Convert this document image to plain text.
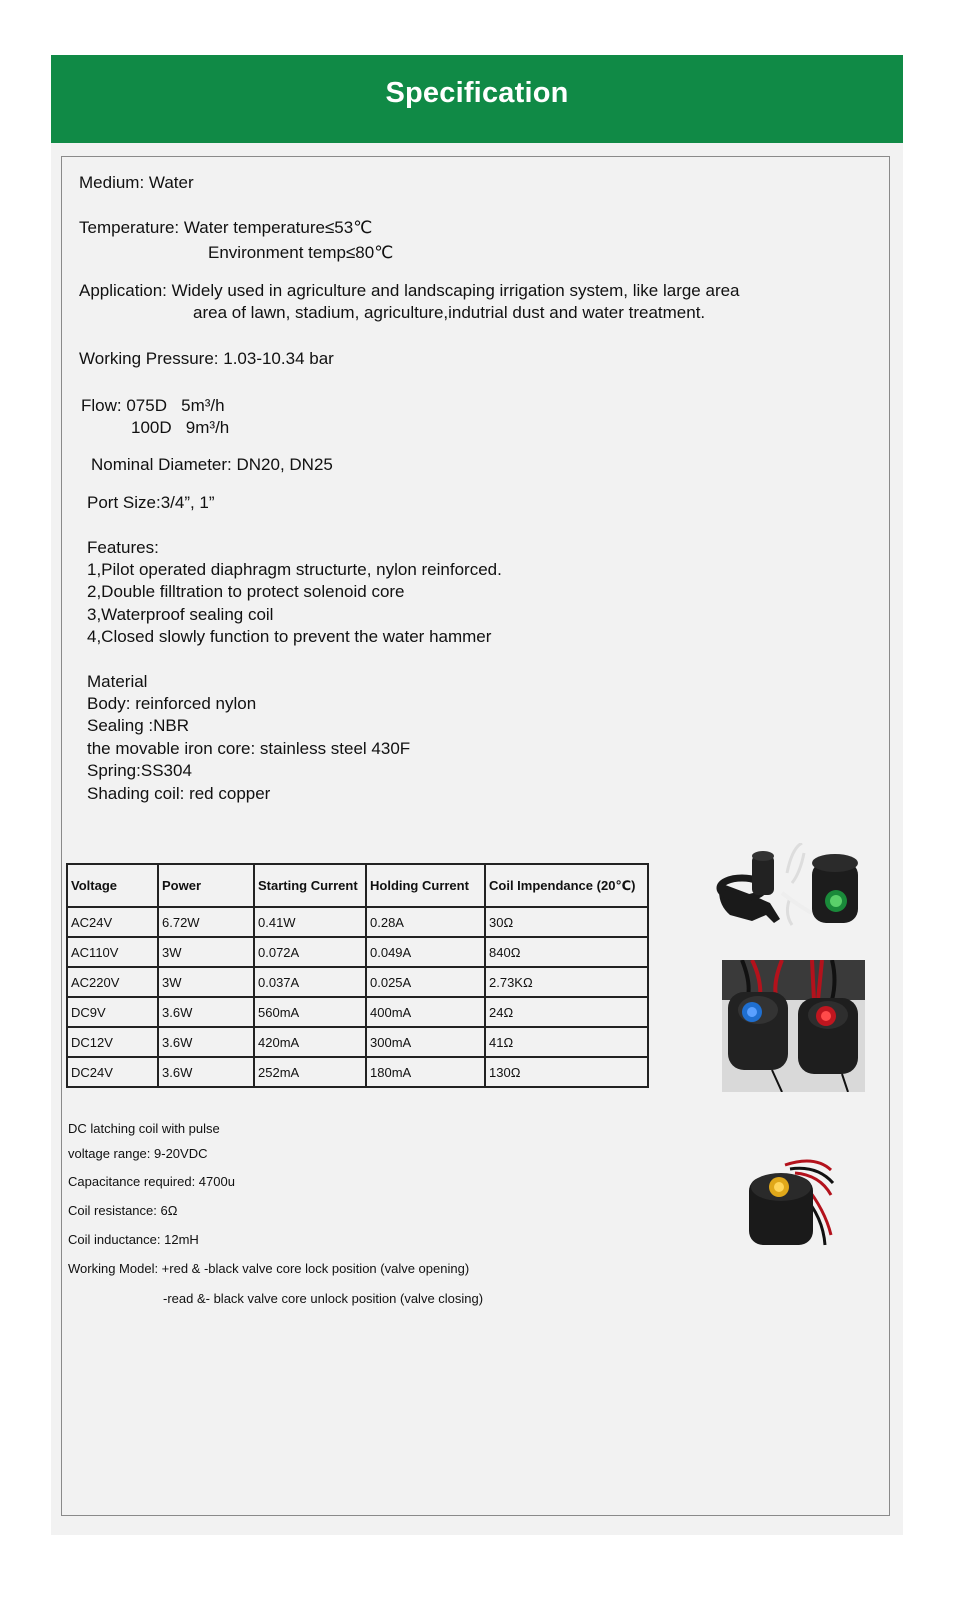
Specification
Medium: Water
Temperature: Water temperature≤53℃
Environment temp≤80℃
Application: Widely used in agriculture and landscaping irrigation system, like large area
area of lawn, stadium, agriculture,indutrial dust and water treatment.
Working Pressure: 1.03-10.34 bar
Flow: 075D   5m³/h
100D   9m³/h
Nominal Diameter: DN20, DN25
Port Size:3/4”, 1”
Features:
1,Pilot operated diaphragm structurte, nylon reinforced.
2,Double filltration to protect solenoid core
3,Waterproof sealing coil
4,Closed slowly function to prevent the water hammer
Material
Body: reinforced nylon
Sealing :NBR
the movable iron core: stainless steel 430F
Spring:SS304
Shading coil: red copper
Voltage	Power	Starting Current	Holding Current	Coil Impendance (20℃)
AC24V	6.72W	0.41W	0.28A	30Ω
AC110V	3W	0.072A	0.049A	840Ω
AC220V	3W	0.037A	0.025A	2.73KΩ
DC9V	3.6W	560mA	400mA	24Ω
DC12V	3.6W	420mA	300mA	41Ω
DC24V	3.6W	252mA	180mA	130Ω
DC latching coil with pulse
voltage range: 9-20VDC
Capacitance required: 4700u
Coil resistance: 6Ω
Coil inductance: 12mH
Working Model: +red & -black valve core lock position (valve opening)
-read &- black valve core unlock position (valve closing)
